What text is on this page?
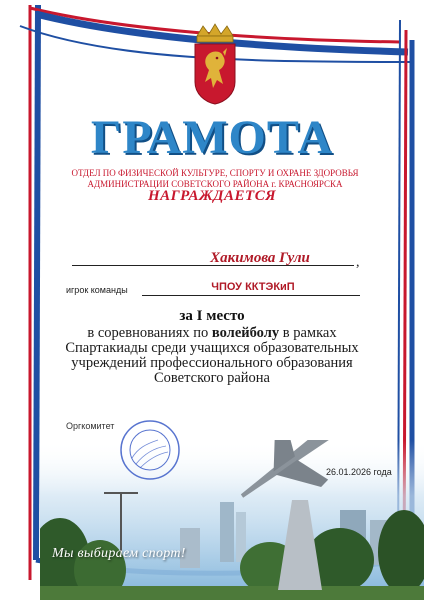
ГРАМОТА
ОТДЕЛ ПО ФИЗИЧЕСКОЙ КУЛЬТУРЕ, СПОРТУ И ОХРАНЕ ЗДОРОВЬЯ
АДМИНИСТРАЦИИ СОВЕТСКОГО РАЙОНА г. КРАСНОЯРСКА
НАГРАЖДАЕТСЯ
Хакимова Гули	,
игрок команды	ЧПОУ ККТЭКиП
за I место
в соревнованиях по волейболу в рамках Спартакиады среди учащихся образовательных учреждений профессионального образования Советского района
Оргкомитет
26.01.2026 года
Мы выбираем спорт!
